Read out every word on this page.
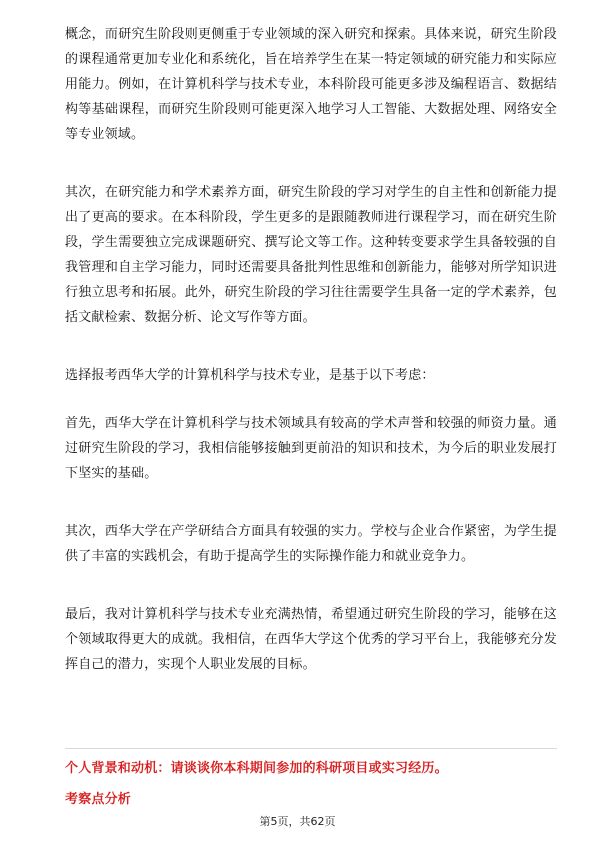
概念，而研究生阶段则更侧重于专业领域的深入研究和探索。具体来说，研究生阶段的课程通常更加专业化和系统化，旨在培养学生在某一特定领域的研究能力和实际应用能力。例如，在计算机科学与技术专业，本科阶段可能更多涉及编程语言、数据结构等基础课程，而研究生阶段则可能更深入地学习人工智能、大数据处理、网络安全等专业领域。

其次，在研究能力和学术素养方面，研究生阶段的学习对学生的自主性和创新能力提出了更高的要求。在本科阶段，学生更多的是跟随教师进行课程学习，而在研究生阶段，学生需要独立完成课题研究、撰写论文等工作。这种转变要求学生具备较强的自我管理和自主学习能力，同时还需要具备批判性思维和创新能力，能够对所学知识进行独立思考和拓展。此外，研究生阶段的学习往往需要学生具备一定的学术素养，包括文献检索、数据分析、论文写作等方面。

选择报考西华大学的计算机科学与技术专业，是基于以下考虑：

首先，西华大学在计算机科学与技术领域具有较高的学术声誉和较强的师资力量。通过研究生阶段的学习，我相信能够接触到更前沿的知识和技术，为今后的职业发展打下坚实的基础。

其次，西华大学在产学研结合方面具有较强的实力。学校与企业合作紧密，为学生提供了丰富的实践机会，有助于提高学生的实际操作能力和就业竞争力。

最后，我对计算机科学与技术专业充满热情，希望通过研究生阶段的学习，能够在这个领域取得更大的成就。我相信，在西华大学这个优秀的学习平台上，我能够充分发挥自己的潜力，实现个人职业发展的目标。

个人背景和动机：请谈谈你本科期间参加的科研项目或实习经历。
考察点分析
第5页，共62页
